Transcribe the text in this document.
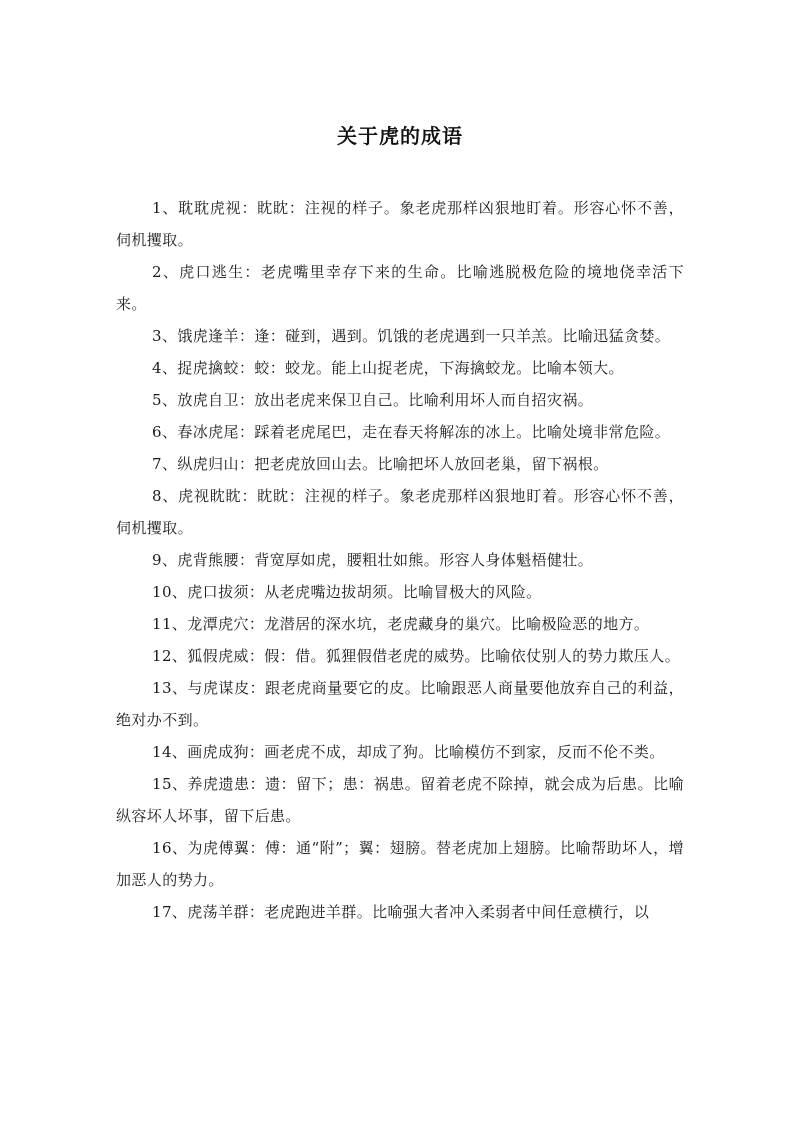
关于虎的成语
1、耽耽虎视：眈眈：注视的样子。象老虎那样凶狠地盯着。形容心怀不善，伺机攫取。
2、虎口逃生：老虎嘴里幸存下来的生命。比喻逃脱极危险的境地侥幸活下来。
3、饿虎逢羊：逢：碰到，遇到。饥饿的老虎遇到一只羊羔。比喻迅猛贪婪。
4、捉虎擒蛟：蛟：蛟龙。能上山捉老虎，下海擒蛟龙。比喻本领大。
5、放虎自卫：放出老虎来保卫自己。比喻利用坏人而自招灾祸。
6、春冰虎尾：踩着老虎尾巴，走在春天将解冻的冰上。比喻处境非常危险。
7、纵虎归山：把老虎放回山去。比喻把坏人放回老巢，留下祸根。
8、虎视眈眈：眈眈：注视的样子。象老虎那样凶狠地盯着。形容心怀不善，伺机攫取。
9、虎背熊腰：背宽厚如虎，腰粗壮如熊。形容人身体魁梧健壮。
10、虎口拔须：从老虎嘴边拔胡须。比喻冒极大的风险。
11、龙潭虎穴：龙潜居的深水坑，老虎藏身的巢穴。比喻极险恶的地方。
12、狐假虎威：假：借。狐狸假借老虎的威势。比喻依仗别人的势力欺压人。
13、与虎谋皮：跟老虎商量要它的皮。比喻跟恶人商量要他放弃自己的利益，绝对办不到。
14、画虎成狗：画老虎不成，却成了狗。比喻模仿不到家，反而不伦不类。
15、养虎遗患：遗：留下；患：祸患。留着老虎不除掉，就会成为后患。比喻纵容坏人坏事，留下后患。
16、为虎傅翼：傅：通“附”；翼：翅膀。替老虎加上翅膀。比喻帮助坏人，增加恶人的势力。
17、虎荡羊群：老虎跑进羊群。比喻强大者冲入柔弱者中间任意横行，以
